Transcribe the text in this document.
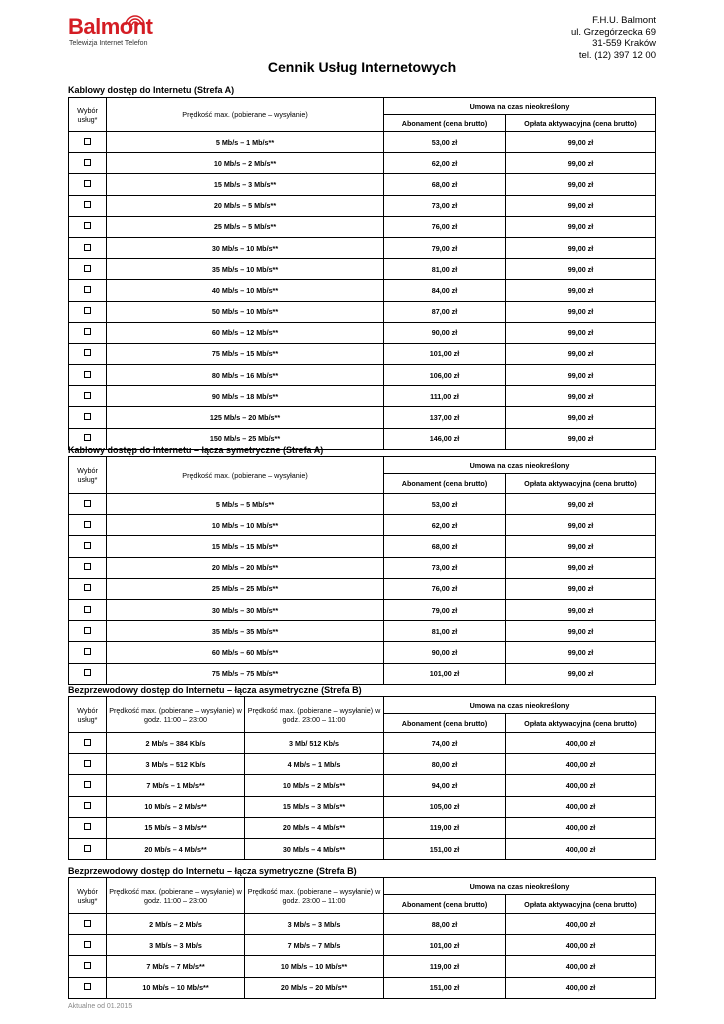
Balmont
Telewizja Internet Telefon
F.H.U. Balmont
ul. Grzegórzecka 69
31-559 Kraków
tel. (12) 397 12 00
Cennik Usług Internetowych
Kablowy dostęp do Internetu (Strefa A)
Wybór usług*	Prędkość max. (pobierane – wysyłanie)	Umowa na czas nieokreślony	
		Abonament (cena brutto)	Opłata aktywacyjna (cena brutto)
	5 Mb/s – 1 Mb/s**	53,00 zł	99,00 zł
	10 Mb/s – 2 Mb/s**	62,00 zł	99,00 zł
	15 Mb/s – 3 Mb/s**	68,00 zł	99,00 zł
	20 Mb/s – 5 Mb/s**	73,00 zł	99,00 zł
	25 Mb/s – 5 Mb/s**	76,00 zł	99,00 zł
	30 Mb/s – 10 Mb/s**	79,00 zł	99,00 zł
	35 Mb/s – 10 Mb/s**	81,00 zł	99,00 zł
	40 Mb/s – 10 Mb/s**	84,00 zł	99,00 zł
	50 Mb/s – 10 Mb/s**	87,00 zł	99,00 zł
	60 Mb/s – 12 Mb/s**	90,00 zł	99,00 zł
	75 Mb/s – 15 Mb/s**	101,00 zł	99,00 zł
	80 Mb/s – 16 Mb/s**	106,00 zł	99,00 zł
	90 Mb/s – 18 Mb/s**	111,00 zł	99,00 zł
	125 Mb/s – 20 Mb/s**	137,00 zł	99,00 zł
	150 Mb/s – 25 Mb/s**	146,00 zł	99,00 zł
Kablowy dostęp do Internetu – łącza symetryczne (Strefa A)
Wybór usług*	Prędkość max. (pobierane – wysyłanie)	Umowa na czas nieokreślony	
		Abonament (cena brutto)	Opłata aktywacyjna (cena brutto)
	5 Mb/s – 5 Mb/s**	53,00 zł	99,00 zł
	10 Mb/s – 10 Mb/s**	62,00 zł	99,00 zł
	15 Mb/s – 15 Mb/s**	68,00 zł	99,00 zł
	20 Mb/s – 20 Mb/s**	73,00 zł	99,00 zł
	25 Mb/s – 25 Mb/s**	76,00 zł	99,00 zł
	30 Mb/s – 30 Mb/s**	79,00 zł	99,00 zł
	35 Mb/s – 35 Mb/s**	81,00 zł	99,00 zł
	60 Mb/s – 60 Mb/s**	90,00 zł	99,00 zł
	75 Mb/s – 75 Mb/s**	101,00 zł	99,00 zł
Bezprzewodowy dostęp do Internetu – łącza asymetryczne (Strefa B)
Wybór usług*	Prędkość max. (pobierane – wysyłanie) w godz. 11:00 – 23:00	Prędkość max. (pobierane – wysyłanie) w godz. 23:00 – 11:00	Umowa na czas nieokreślony	
			Abonament (cena brutto)	Opłata aktywacyjna (cena brutto)
	2 Mb/s – 384 Kb/s	3 Mb/ 512 Kb/s	74,00 zł	400,00 zł
	3 Mb/s – 512 Kb/s	4 Mb/s – 1 Mb/s	80,00 zł	400,00 zł
	7 Mb/s – 1 Mb/s**	10 Mb/s – 2 Mb/s**	94,00 zł	400,00 zł
	10 Mb/s – 2 Mb/s**	15 Mb/s – 3 Mb/s**	105,00 zł	400,00 zł
	15 Mb/s – 3 Mb/s**	20 Mb/s – 4 Mb/s**	119,00 zł	400,00 zł
	20 Mb/s – 4 Mb/s**	30 Mb/s – 4 Mb/s**	151,00 zł	400,00 zł
Bezprzewodowy dostęp do Internetu – łącza symetryczne (Strefa B)
Wybór usług*	Prędkość max. (pobierane – wysyłanie) w godz. 11:00 – 23:00	Prędkość max. (pobierane – wysyłanie) w godz. 23:00 – 11:00	Umowa na czas nieokreślony	
			Abonament (cena brutto)	Opłata aktywacyjna (cena brutto)
	2 Mb/s – 2 Mb/s	3 Mb/s – 3 Mb/s	88,00 zł	400,00 zł
	3 Mb/s – 3 Mb/s	7 Mb/s – 7 Mb/s	101,00 zł	400,00 zł
	7 Mb/s – 7 Mb/s**	10 Mb/s – 10 Mb/s**	119,00 zł	400,00 zł
	10 Mb/s – 10 Mb/s**	20 Mb/s – 20 Mb/s**	151,00 zł	400,00 zł
Aktualne od 01.2015
